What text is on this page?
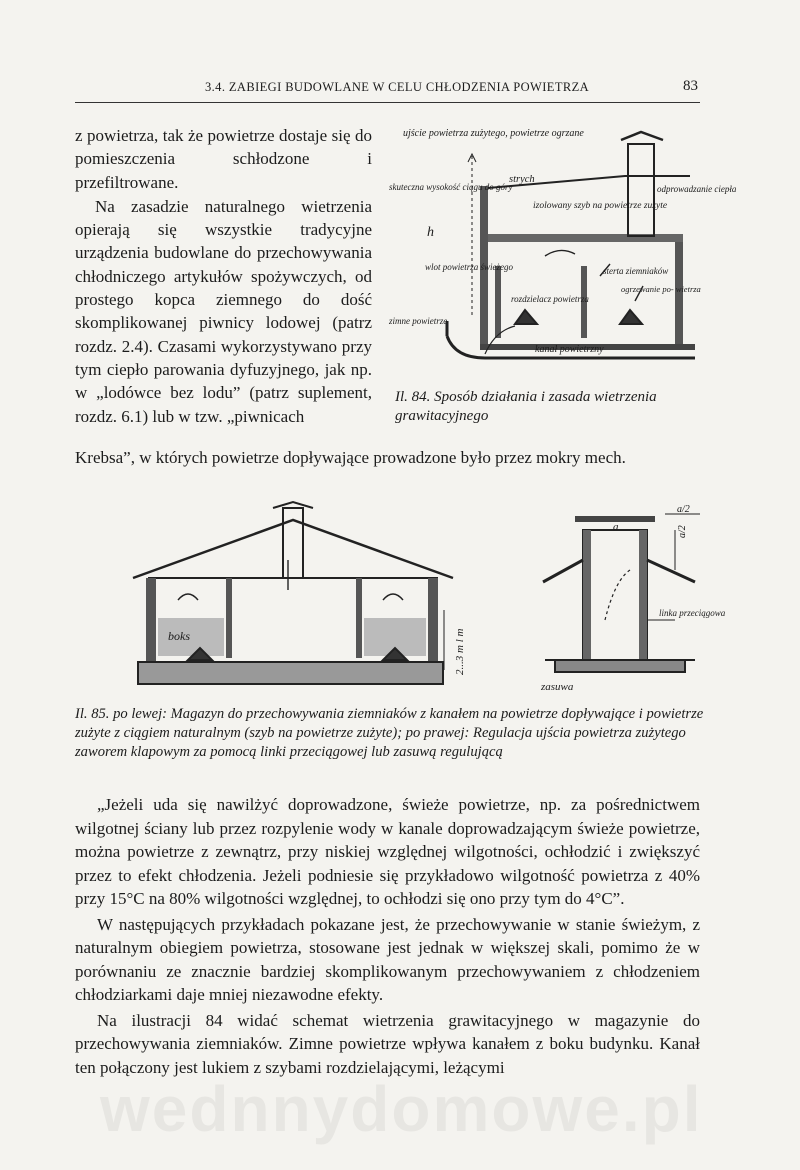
3.4. ZABIEGI BUDOWLANE W CELU CHŁODZENIA POWIETRZA	83

z powietrza, tak że powietrze dostaje się do pomieszczenia schłodzone i przefiltrowane.

Na zasadzie naturalnego wietrzenia opierają się wszystkie tradycyjne urządzenia budowlane do przechowywania chłodniczego artykułów spożywczych, od prostego kopca ziemnego do dość skomplikowanej piwnicy lodowej (patrz rozdz. 2.4). Czasami wykorzystywano przy tym ciepło parowania dyfuzyjnego, jak np. w „lodówce bez lodu” (patrz suplement, rozdz. 6.1) lub w tzw. „piwnicach

Krebsa”, w których powietrze dopływające prowadzone było przez mokry mech.
ujście powietrza zużytego, powietrze ogrzane
strych
skuteczna wysokość ciągu do góry
h
izolowany szyb na powietrze zużyte
odprowadzanie ciepła
sterta ziemniaków
ogrzewanie po- wietrza
wlot powietrza świeżego
rozdzielacz powietrza
zimne powietrze
kanał powietrzny
Il. 84. Sposób działania i zasada wietrzenia grawitacyjnego
boks	2...3 m l m
a/2
a	a/2
linka przeciągowa
zasuwa
Il. 85. po lewej: Magazyn do przechowywania ziemniaków z kanałem na powietrze dopływające i powietrze zużyte z ciągiem naturalnym (szyb na powietrze zużyte); po prawej: Regulacja ujścia powietrza zużytego zaworem klapowym za pomocą linki przeciągowej lub zasuwą regulującą

„Jeżeli uda się nawilżyć doprowadzone, świeże powietrze, np. za pośrednictwem wilgotnej ściany lub przez rozpylenie wody w kanale doprowadzającym świeże powietrze, można powietrze z zewnątrz, przy niskiej względnej wilgotności, ochłodzić i zwiększyć przez to efekt chłodzenia. Jeżeli podniesie się przykładowo wilgotność powietrza z 40% przy 15°C na 80% wilgotności względnej, to ochłodzi się ono przy tym do 4°C”.

W następujących przykładach pokazane jest, że przechowywanie w stanie świeżym, z naturalnym obiegiem powietrza, stosowane jest jednak w większej skali, pomimo że w porównaniu ze znacznie bardziej skomplikowanym przechowywaniem z chłodzeniem chłodziarkami daje mniej niezawodne efekty.

Na ilustracji 84 widać schemat wietrzenia grawitacyjnego w magazynie do przechowywania ziemniaków. Zimne powietrze wpływa kanałem z boku budynku. Kanał ten połączony jest lukiem z szybami rozdzielającymi, leżącymi

wednnydomowe.pl
